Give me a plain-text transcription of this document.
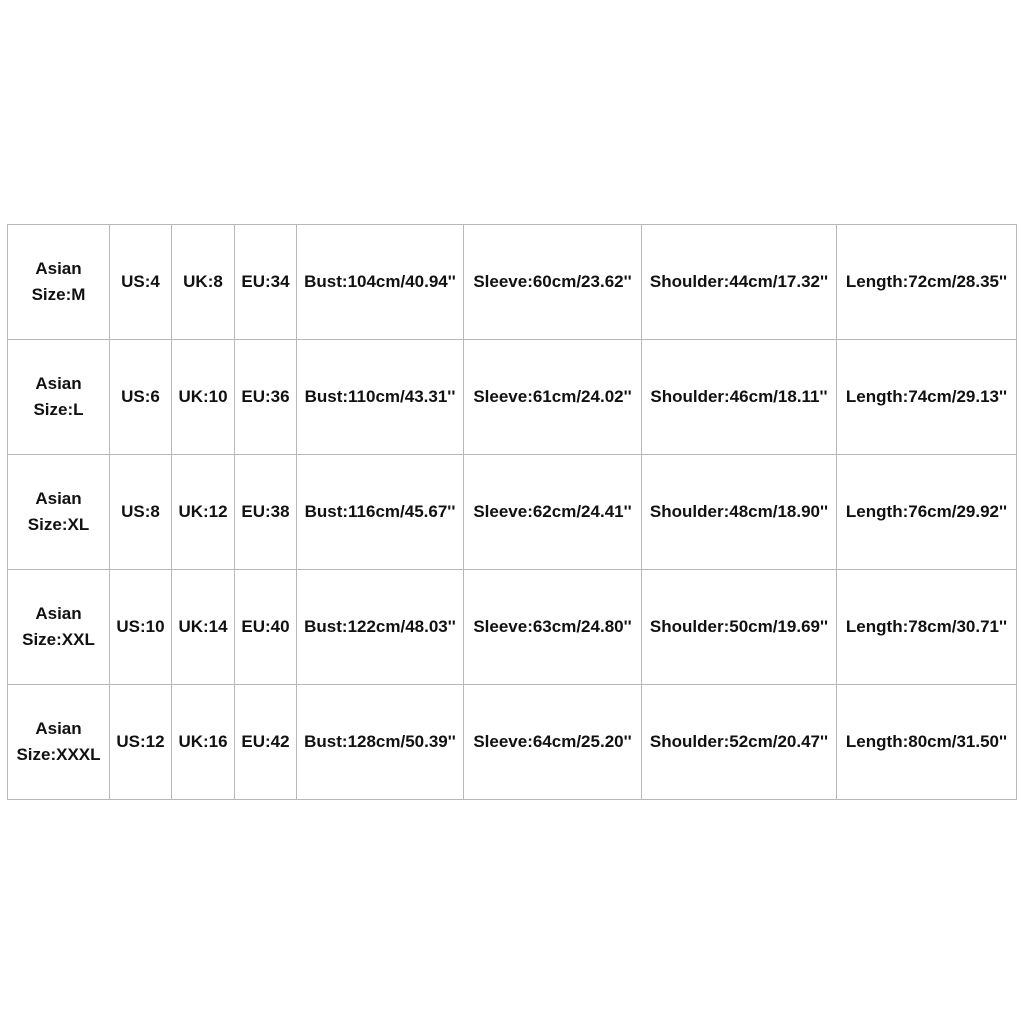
Asian
Size:M	US:4	UK:8	EU:34	Bust:104cm/40.94''	Sleeve:60cm/23.62''	Shoulder:44cm/17.32''	Length:72cm/28.35''

Asian
Size:L	US:6	UK:10	EU:36	Bust:110cm/43.31''	Sleeve:61cm/24.02''	Shoulder:46cm/18.11''	Length:74cm/29.13''

Asian
Size:XL	US:8	UK:12	EU:38	Bust:116cm/45.67''	Sleeve:62cm/24.41''	Shoulder:48cm/18.90''	Length:76cm/29.92''

Asian
Size:XXL	US:10	UK:14	EU:40	Bust:122cm/48.03''	Sleeve:63cm/24.80''	Shoulder:50cm/19.69''	Length:78cm/30.71''

Asian
Size:XXXL	US:12	UK:16	EU:42	Bust:128cm/50.39''	Sleeve:64cm/25.20''	Shoulder:52cm/20.47''	Length:80cm/31.50''
